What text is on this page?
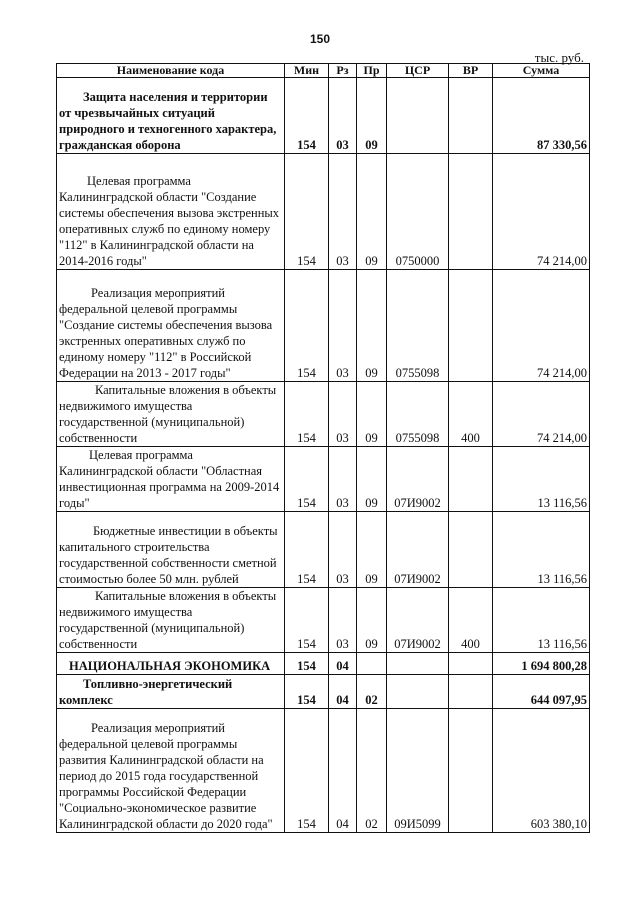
150
тыс. руб.
Наименование кода	Мин	Рз	Пр	ЦСР	ВР	Сумма
Защита населения и территории от чрезвычайных ситуаций природного и техногенного характера, гражданская оборона	154	03	09			87 330,56
Целевая программа Калининградской области "Создание системы обеспечения вызова экстренных оперативных служб по единому номеру "112" в Калининградской области на 2014-2016 годы"	154	03	09	0750000		74 214,00
Реализация мероприятий федеральной целевой программы "Создание системы обеспечения вызова экстренных оперативных служб по единому номеру "112" в Российской Федерации на 2013 - 2017 годы"	154	03	09	0755098		74 214,00
Капитальные вложения в объекты недвижимого имущества государственной (муниципальной) собственности	154	03	09	0755098	400	74 214,00
Целевая программа Калининградской области "Областная инвестиционная программа на 2009-2014 годы"	154	03	09	07И9002		13 116,56
Бюджетные инвестиции в объекты капитального строительства государственной собственности сметной стоимостью более 50 млн. рублей	154	03	09	07И9002		13 116,56
Капитальные вложения в объекты недвижимого имущества государственной (муниципальной) собственности	154	03	09	07И9002	400	13 116,56
НАЦИОНАЛЬНАЯ ЭКОНОМИКА	154	04				1 694 800,28
Топливно-энергетический комплекс	154	04	02			644 097,95
Реализация мероприятий федеральной целевой программы развития Калининградской области на период до 2015 года государственной программы Российской Федерации "Социально-экономическое развитие Калининградской области до 2020 года"	154	04	02	09И5099		603 380,10
